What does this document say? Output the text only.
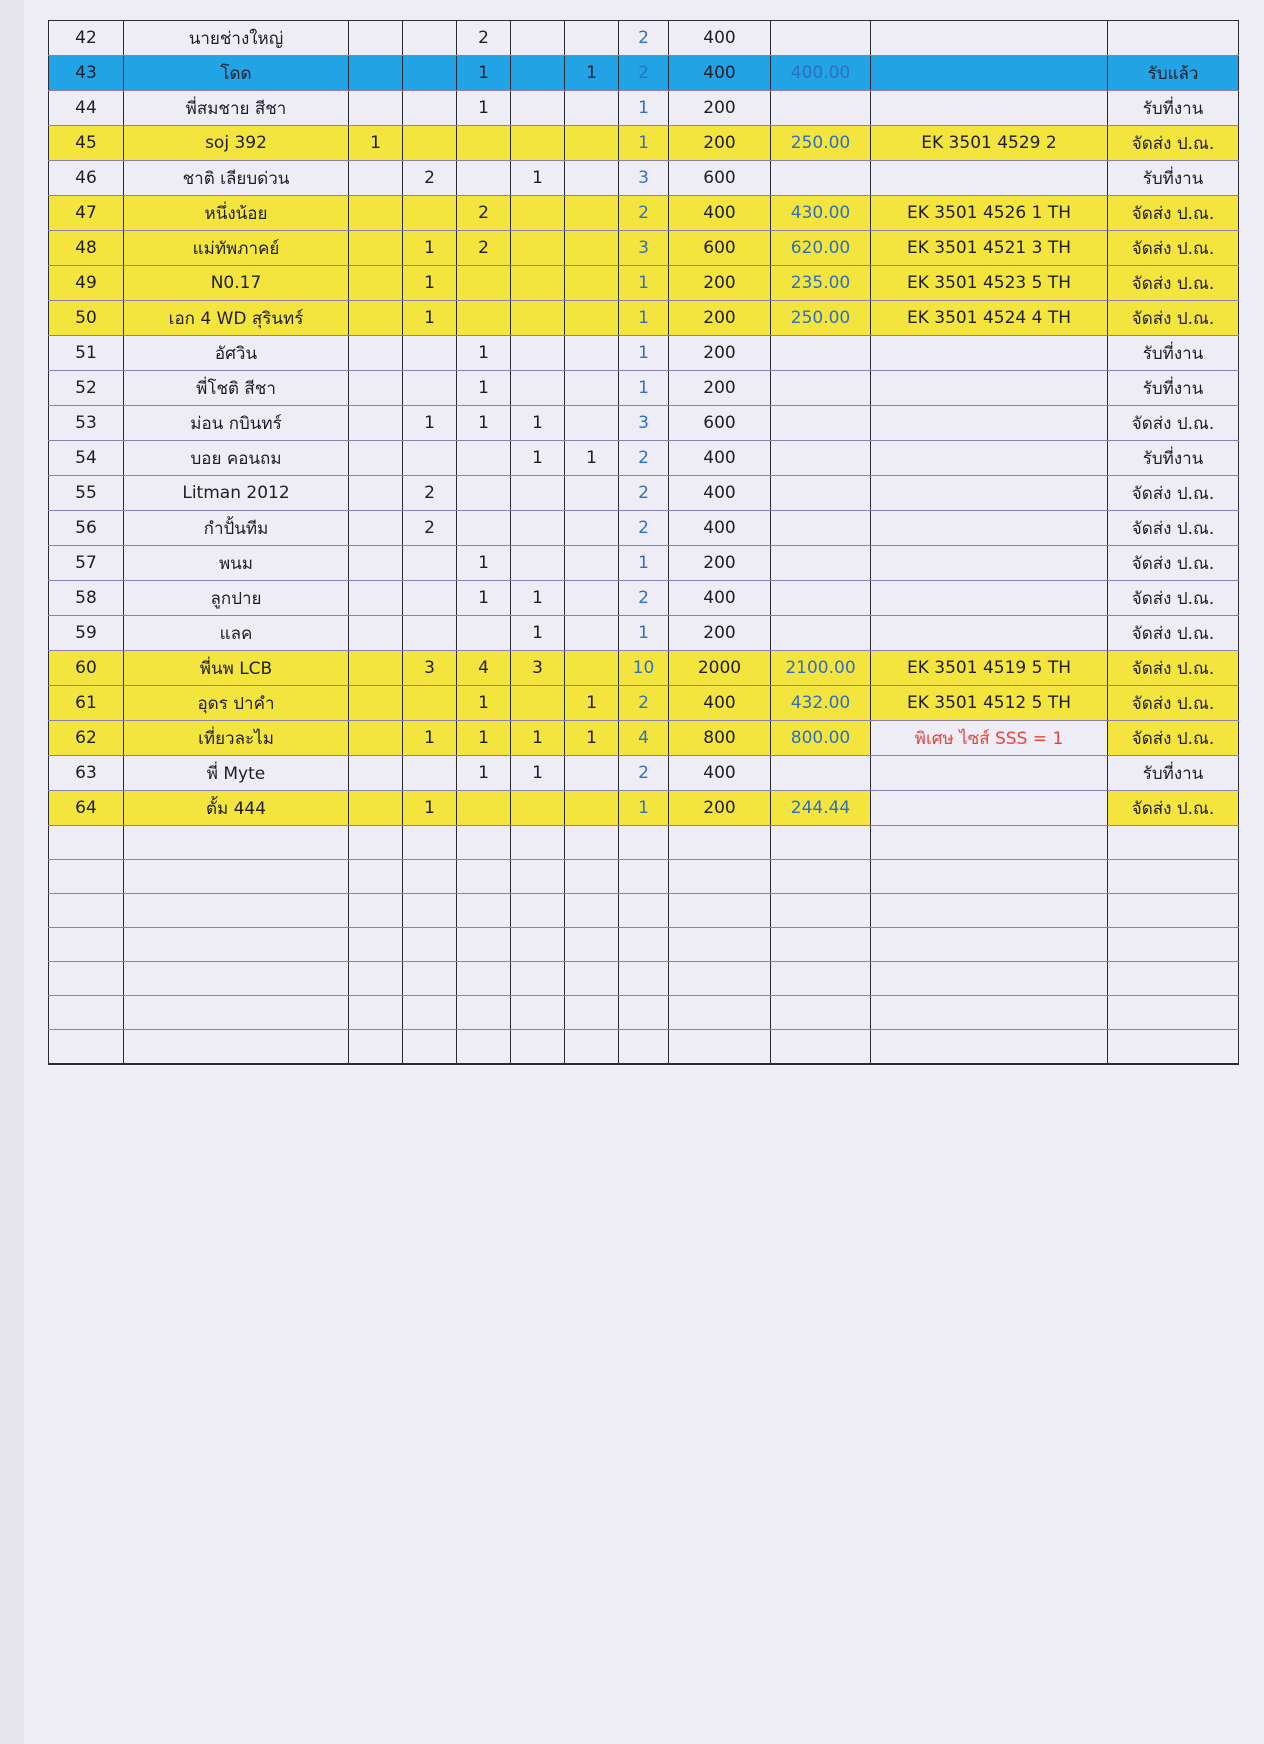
42	นายช่างใหญ่			2			2	400			
43	โดด			1		1	2	400	400.00		รับแล้ว
44	พี่สมชาย สีชา			1			1	200			รับที่งาน
45	soj 392	1					1	200	250.00	EK 3501 4529 2	จัดส่ง ป.ณ.
46	ชาติ เลียบด่วน		2		1		3	600			รับที่งาน
47	หนึ่งน้อย			2			2	400	430.00	EK 3501 4526 1 TH	จัดส่ง ป.ณ.
48	แม่ทัพภาคย์		1	2			3	600	620.00	EK 3501 4521 3 TH	จัดส่ง ป.ณ.
49	N0.17		1				1	200	235.00	EK 3501 4523 5 TH	จัดส่ง ป.ณ.
50	เอก 4 WD สุรินทร์		1				1	200	250.00	EK 3501 4524 4 TH	จัดส่ง ป.ณ.
51	อัศวิน			1			1	200			รับที่งาน
52	พี่โชติ สีชา			1			1	200			รับที่งาน
53	ม่อน กบินทร์		1	1	1		3	600			จัดส่ง ป.ณ.
54	บอย คอนถม				1	1	2	400			รับที่งาน
55	Litman 2012		2				2	400			จัดส่ง ป.ณ.
56	กำปั้นทีม		2				2	400			จัดส่ง ป.ณ.
57	พนม			1			1	200			จัดส่ง ป.ณ.
58	ลูกปาย			1	1		2	400			จัดส่ง ป.ณ.
59	แลค				1		1	200			จัดส่ง ป.ณ.
60	พี่นพ LCB		3	4	3		10	2000	2100.00	EK 3501 4519 5 TH	จัดส่ง ป.ณ.
61	อุดร ปาคำ			1		1	2	400	432.00	EK 3501 4512 5 TH	จัดส่ง ป.ณ.
62	เที่ยวละไม		1	1	1	1	4	800	800.00	พิเศษ ไซส์ SSS = 1	จัดส่ง ป.ณ.
63	พี่ Myte			1	1		2	400			รับที่งาน
64	ตั้ม 444		1				1	200	244.44		จัดส่ง ป.ณ.
